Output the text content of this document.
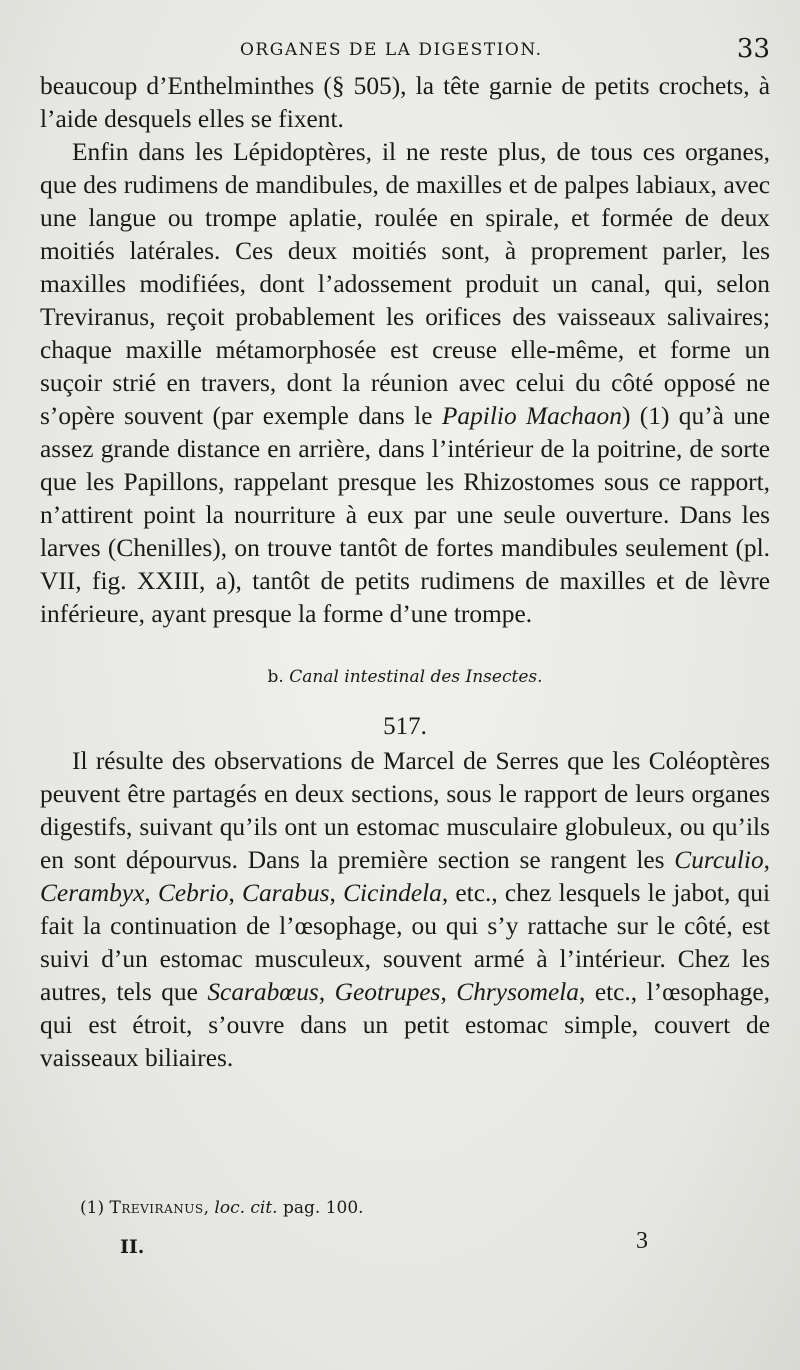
ORGANES DE LA DIGESTION.	33

beaucoup d’Enthelminthes (§ 505), la tête garnie de petits crochets, à l’aide desquels elles se fixent.

Enfin dans les Lépidoptères, il ne reste plus, de tous ces organes, que des rudimens de mandibules, de maxilles et de palpes labiaux, avec une langue ou trompe aplatie, roulée en spirale, et formée de deux moitiés latérales. Ces deux moitiés sont, à proprement parler, les maxilles modifiées, dont l’adossement produit un canal, qui, selon Treviranus, reçoit probablement les orifices des vaisseaux salivaires; chaque maxille métamorphosée est creuse elle-même, et forme un suçoir strié en travers, dont la réunion avec celui du côté opposé ne s’opère souvent (par exemple dans le Papilio Machaon) (1) qu’à une assez grande distance en arrière, dans l’intérieur de la poitrine, de sorte que les Papillons, rappelant presque les Rhizostomes sous ce rapport, n’attirent point la nourriture à eux par une seule ouverture. Dans les larves (Chenilles), on trouve tantôt de fortes mandibules seulement (pl. VII, fig. XXIII, a), tantôt de petits rudimens de maxilles et de lèvre inférieure, ayant presque la forme d’une trompe.

b. Canal intestinal des Insectes.
517.

Il résulte des observations de Marcel de Serres que les Coléoptères peuvent être partagés en deux sections, sous le rapport de leurs organes digestifs, suivant qu’ils ont un estomac musculaire globuleux, ou qu’ils en sont dépourvus. Dans la première section se rangent les Curculio, Cerambyx, Cebrio, Carabus, Cicindela, etc., chez lesquels le jabot, qui fait la continuation de l’œsophage, ou qui s’y rattache sur le côté, est suivi d’un estomac musculeux, souvent armé à l’intérieur. Chez les autres, tels que Scarabœus, Geotrupes, Chrysomela, etc., l’œsophage, qui est étroit, s’ouvre dans un petit estomac simple, couvert de vaisseaux biliaires.

(1) Treviranus, loc. cit. pag. 100.
II.	3
